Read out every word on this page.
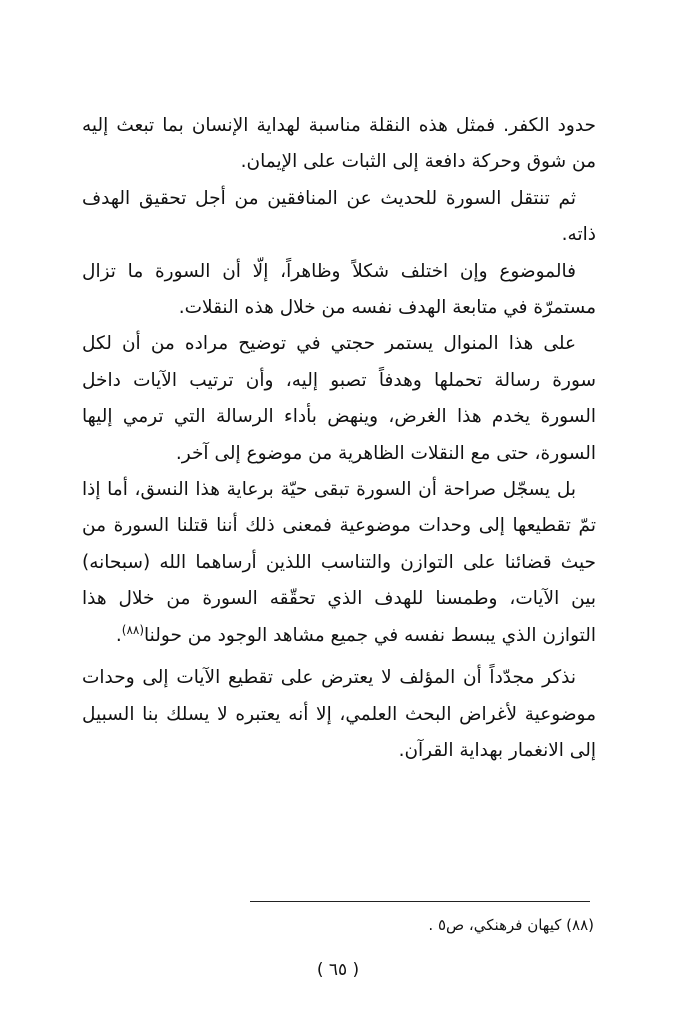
حدود الكفر. فمثل هذه النقلة مناسبة لهداية الإنسان بما تبعث إليه من شوق وحركة دافعة إلى الثبات على الإيمان.

ثم تنتقل السورة للحديث عن المنافقين من أجل تحقيق الهدف ذاته.

فالموضوع وإن اختلف شكلاً وظاهراً، إلّا أن السورة ما تزال مستمرّة في متابعة الهدف نفسه من خلال هذه النقلات.

على هذا المنوال يستمر حجتي في توضيح مراده من أن لكل سورة رسالة تحملها وهدفاً تصبو إليه، وأن ترتيب الآيات داخل السورة يخدم هذا الغرض، وينهض بأداء الرسالة التي ترمي إليها السورة، حتى مع النقلات الظاهرية من موضوع إلى آخر.

بل يسجّل صراحة أن السورة تبقى حيّة برعاية هذا النسق، أما إذا تمّ تقطيعها إلى وحدات موضوعية فمعنى ذلك أننا قتلنا السورة من حيث قضائنا على التوازن والتناسب اللذين أرساهما الله (سبحانه) بين الآيات، وطمسنا للهدف الذي تحقّقه السورة من خلال هذا التوازن الذي يبسط نفسه في جميع مشاهد الوجود من حولنا$^{(٨٨)}$.

نذكر مجدّداً أن المؤلف لا يعترض على تقطيع الآيات إلى وحدات موضوعية لأغراض البحث العلمي، إلا أنه يعتبره لا يسلك بنا السبيل إلى الانغمار بهداية القرآن.

(٨٨) كيهان فرهنكي، ص٥ .
( ٦٥ )
